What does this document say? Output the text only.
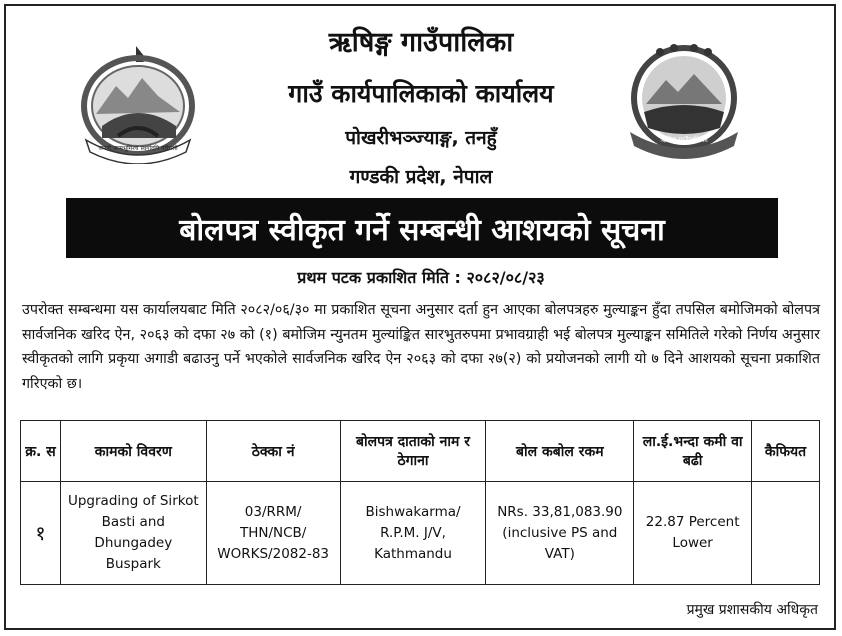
जननी जन्मभूमिश्च स्वर्गादपि गरीयसी
ऋषिङ्ग गाउँपालिका
ऋषिङ्ग गाउँपालिका
गाउँ कार्यपालिकाको कार्यालय
पोखरीभञ्ज्याङ्ग, तनहुँ
गण्डकी प्रदेश, नेपाल
बोलपत्र स्वीकृत गर्ने सम्बन्धी आशयको सूचना
प्रथम पटक प्रकाशित मिति : २०८२/०८/२३
उपरोक्त सम्बन्धमा यस कार्यालयबाट मिति २०८२/०६/३० मा प्रकाशित सूचना अनुसार दर्ता हुन आएका बोलपत्रहरु मुल्याङ्कन हुँदा तपसिल बमोजिमको बोलपत्र सार्वजनिक खरिद ऐन, २०६३ को दफा २७ को (१) बमोजिम न्युनतम मुल्यांङ्कित सारभुतरुपमा प्रभावग्राही भई बोलपत्र मुल्याङ्कन समितिले गरेको निर्णय अनुसार स्वीकृतको लागि प्रकृया अगाडी बढाउनु पर्ने भएकोले सार्वजनिक खरिद ऐन २०६३ को दफा २७(२) को प्रयोजनको लागी यो ७ दिने आशयको सूचना प्रकाशित गरिएको छ।
क्र. स	कामको विवरण	ठेक्का नं	बोलपत्र दाताको नाम र ठेगाना	बोल कबोल रकम	ला.ई.भन्दा कमी वा बढी	कैफियत
१	Upgrading of Sirkot Basti and Dhungadey Buspark	03/RRM/ THN/NCB/ WORKS/2082-83	Bishwakarma/ R.P.M. J/V, Kathmandu	NRs. 33,81,083.90 (inclusive PS and VAT)	22.87 Percent Lower	
प्रमुख प्रशासकीय अधिकृत
